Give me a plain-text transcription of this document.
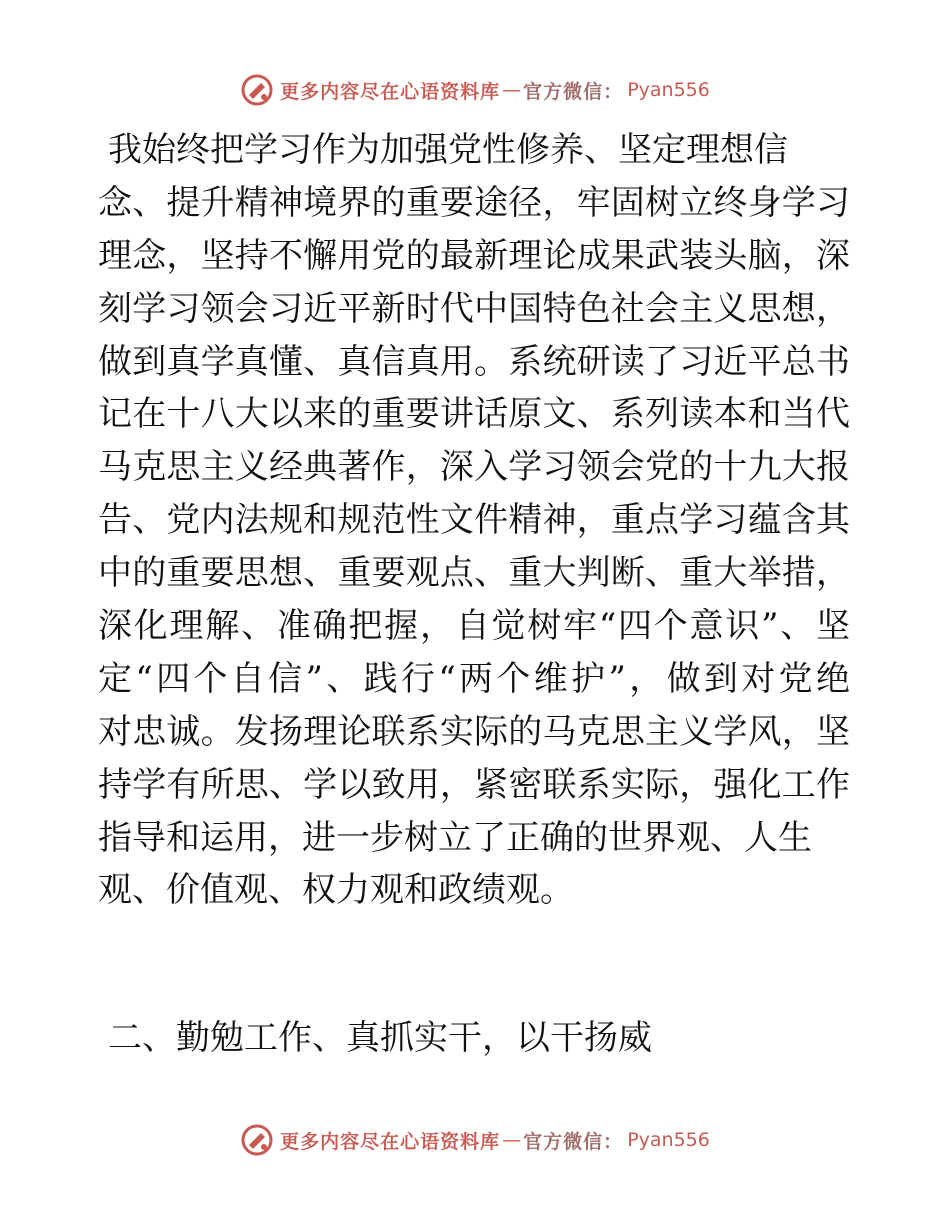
更多内容尽在心语资料库 — 官方微信： Pyan556
我始终把学习作为加强党性修养、坚定理想信
念、提升精神境界的重要途径，牢固树立终身学习
理念，坚持不懈用党的最新理论成果武装头脑，深
刻学习领会习近平新时代中国特色社会主义思想，
做到真学真懂、真信真用。系统研读了习近平总书
记在十八大以来的重要讲话原文、系列读本和当代
马克思主义经典著作，深入学习领会党的十九大报
告、党内法规和规范性文件精神，重点学习蕴含其
中的重要思想、重要观点、重大判断、重大举措，
深化理解、准确把握，自觉树牢“四个意识”、坚
定“四个自信”、践行“两个维护”，做到对党绝
对忠诚。发扬理论联系实际的马克思主义学风，坚
持学有所思、学以致用，紧密联系实际，强化工作
指导和运用，进一步树立了正确的世界观、人生
观、价值观、权力观和政绩观。
二、勤勉工作、真抓实干，以干扬威
更多内容尽在心语资料库 — 官方微信： Pyan556
